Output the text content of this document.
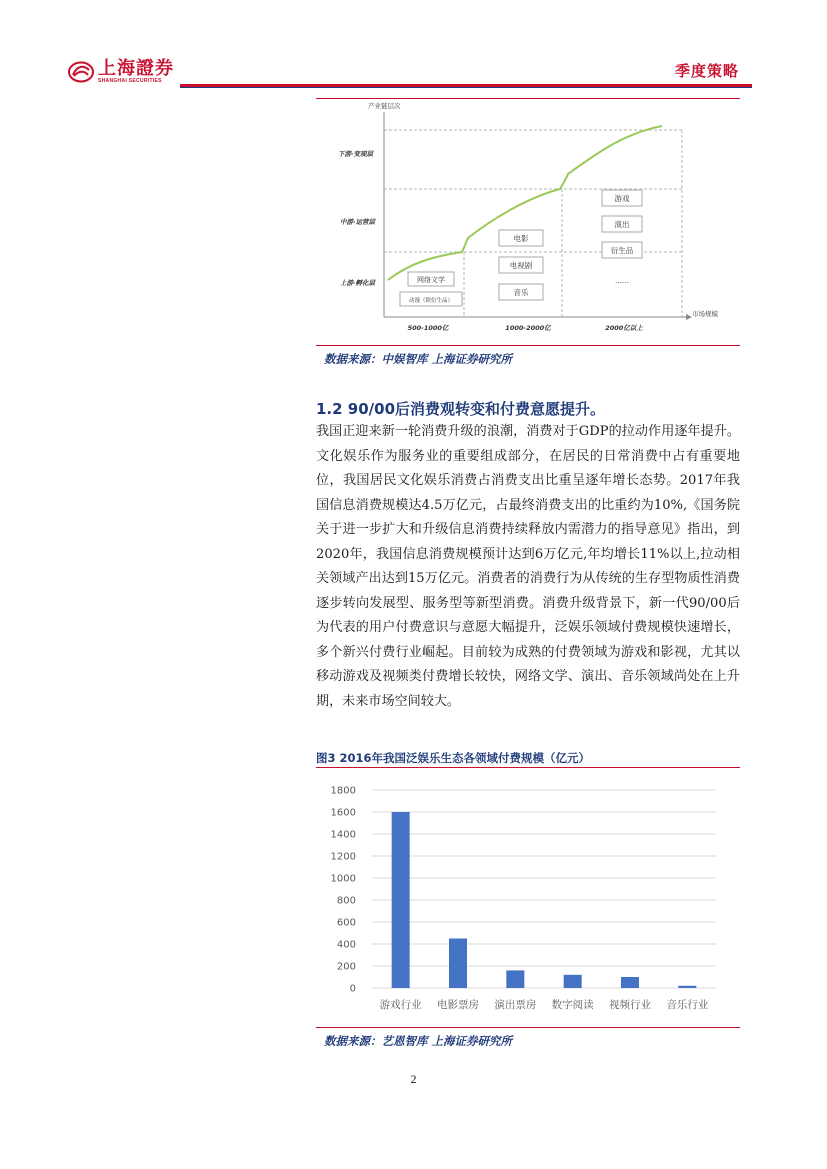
上海證券
SHANGHAI SECURITIES
季度策略
产业链层次
市场规模
下游·变现层
中游·运营层
上游·孵化层	网络文学
动漫（除衍生品）
电影
电视剧
音乐
游戏
演出
衍生品
……
500-1000亿	1000-2000亿	2000亿以上
数据来源：中娱智库 上海证券研究所
1.2 90/00后消费观转变和付费意愿提升。
我国正迎来新一轮消费升级的浪潮，消费对于GDP的拉动作用逐年提升。文化娱乐作为服务业的重要组成部分，在居民的日常消费中占有重要地位，我国居民文化娱乐消费占消费支出比重呈逐年增长态势。2017年我国信息消费规模达4.5万亿元，占最终消费支出的比重约为10%,《国务院关于进一步扩大和升级信息消费持续释放内需潜力的指导意见》指出，到2020年，我国信息消费规模预计达到6万亿元,年均增长11%以上,拉动相关领域产出达到15万亿元。消费者的消费行为从传统的生存型物质性消费逐步转向发展型、服务型等新型消费。消费升级背景下，新一代90/00后为代表的用户付费意识与意愿大幅提升，泛娱乐领域付费规模快速增长，多个新兴付费行业崛起。目前较为成熟的付费领域为游戏和影视，尤其以移动游戏及视频类付费增长较快，网络文学、演出、音乐领域尚处在上升期，未来市场空间较大。
图3 2016年我国泛娱乐生态各领域付费规模（亿元）
0
200
400
600
800
1000
1200
1400
1600
1800
游戏行业 电影票房 演出票房 数字阅读 视频行业 音乐行业
数据来源：艺恩智库 上海证券研究所
2
